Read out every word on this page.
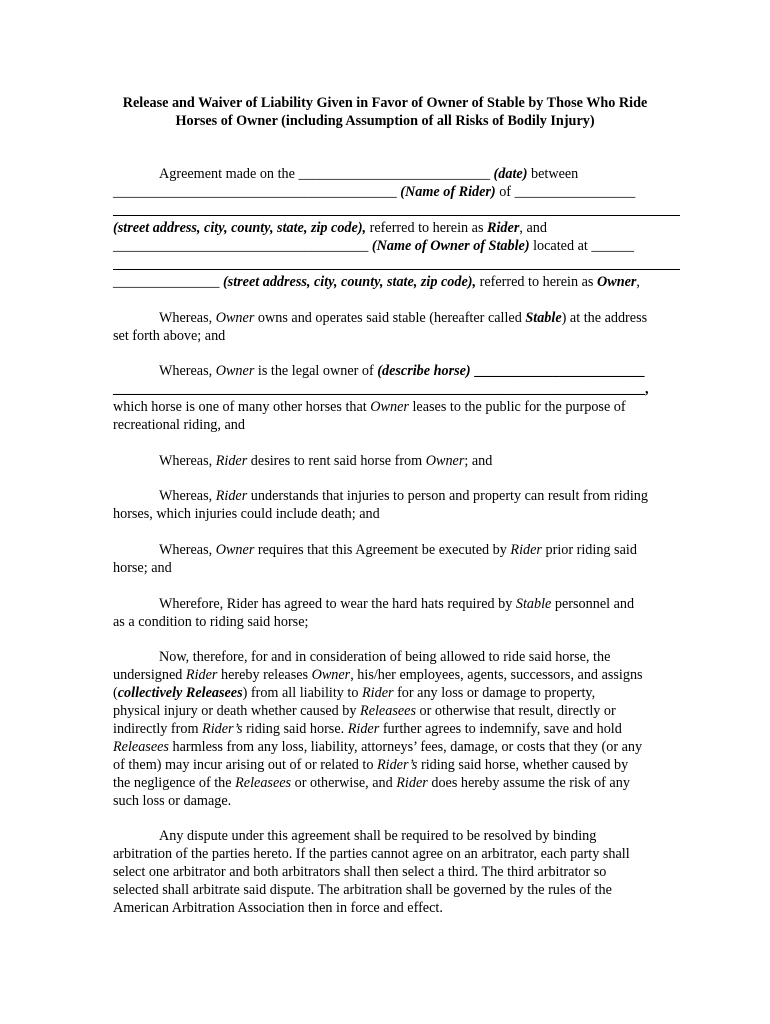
Release and Waiver of Liability Given in Favor of Owner of Stable by Those Who Ride
Horses of Owner (including Assumption of all Risks of Bodily Injury)
Agreement made on the ___________________________ (date) between
________________________________________ (Name of Rider) of _________________
(street address, city, county, state, zip code), referred to herein as Rider, and
____________________________________ (Name of Owner of Stable) located at ______
_______________ (street address, city, county, state, zip code), referred to herein as Owner,
Whereas, Owner owns and operates said stable (hereafter called Stable) at the address
set forth above; and
Whereas, Owner is the legal owner of (describe horse) ________________________
___________________________________________________________________________,
which horse is one of many other horses that Owner leases to the public for the purpose of
recreational riding, and
Whereas, Rider desires to rent said horse from Owner; and
Whereas, Rider understands that injuries to person and property can result from riding
horses, which injuries could include death; and
Whereas, Owner requires that this Agreement be executed by Rider prior riding said
horse; and
Wherefore, Rider has agreed to wear the hard hats required by Stable personnel and
as a condition to riding said horse;
Now, therefore, for and in consideration of being allowed to ride said horse, the
undersigned Rider hereby releases Owner, his/her employees, agents, successors, and assigns
(collectively Releasees) from all liability to Rider for any loss or damage to property,
physical injury or death whether caused by Releasees or otherwise that result, directly or
indirectly from Rider’s riding said horse. Rider further agrees to indemnify, save and hold
Releasees harmless from any loss, liability, attorneys’ fees, damage, or costs that they (or any
of them) may incur arising out of or related to Rider’s riding said horse, whether caused by
the negligence of the Releasees or otherwise, and Rider does hereby assume the risk of any
such loss or damage.
Any dispute under this agreement shall be required to be resolved by binding
arbitration of the parties hereto. If the parties cannot agree on an arbitrator, each party shall
select one arbitrator and both arbitrators shall then select a third. The third arbitrator so
selected shall arbitrate said dispute. The arbitration shall be governed by the rules of the
American Arbitration Association then in force and effect.
